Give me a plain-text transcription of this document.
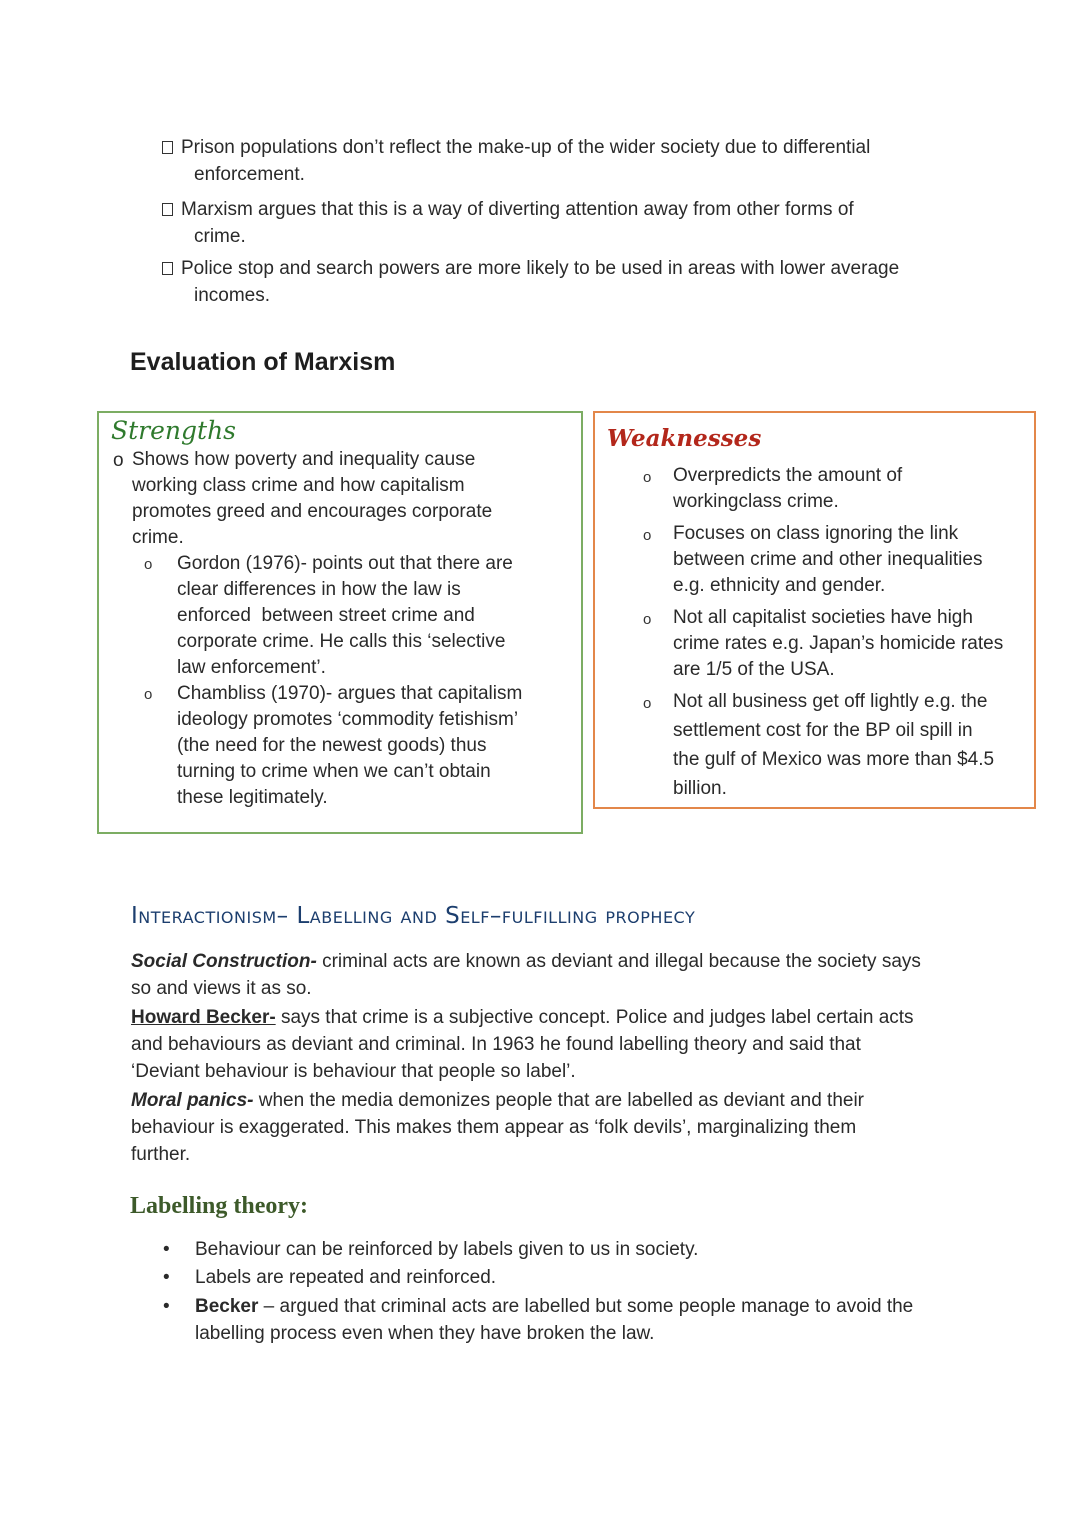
Prison populations don’t reflect the make-up of the wider society due to differential
enforcement.
Marxism argues that this is a way of diverting attention away from other forms of
crime.
Police stop and search powers are more likely to be used in areas with lower average
incomes.
Evaluation of Marxism
Strengths
o Shows how poverty and inequality cause
working class crime and how capitalism
promotes greed and encourages corporate
crime.
o Gordon (1976)- points out that there are
clear differences in how the law is
enforced  between street crime and
corporate crime. He calls this ‘selective
law enforcement’.
o Chambliss (1970)- argues that capitalism
ideology promotes ‘commodity fetishism’
(the need for the newest goods) thus
turning to crime when we can’t obtain
these legitimately.
Weaknesses
o Overpredicts the amount of
workingclass crime.
o Focuses on class ignoring the link
between crime and other inequalities
e.g. ethnicity and gender.
o Not all capitalist societies have high
crime rates e.g. Japan’s homicide rates
are 1/5 of the USA.
o Not all business get off lightly e.g. the
settlement cost for the BP oil spill in
the gulf of Mexico was more than $4.5
billion.
Interactionism– Labelling and Self–fulfilling prophecy
Social Construction- criminal acts are known as deviant and illegal because the society says
so and views it as so.
Howard Becker- says that crime is a subjective concept. Police and judges label certain acts
and behaviours as deviant and criminal. In 1963 he found labelling theory and said that
‘Deviant behaviour is behaviour that people so label’.
Moral panics- when the media demonizes people that are labelled as deviant and their
behaviour is exaggerated. This makes them appear as ‘folk devils’, marginalizing them
further.
Labelling theory:
• Behaviour can be reinforced by labels given to us in society.
• Labels are repeated and reinforced.
• Becker – argued that criminal acts are labelled but some people manage to avoid the
labelling process even when they have broken the law.
